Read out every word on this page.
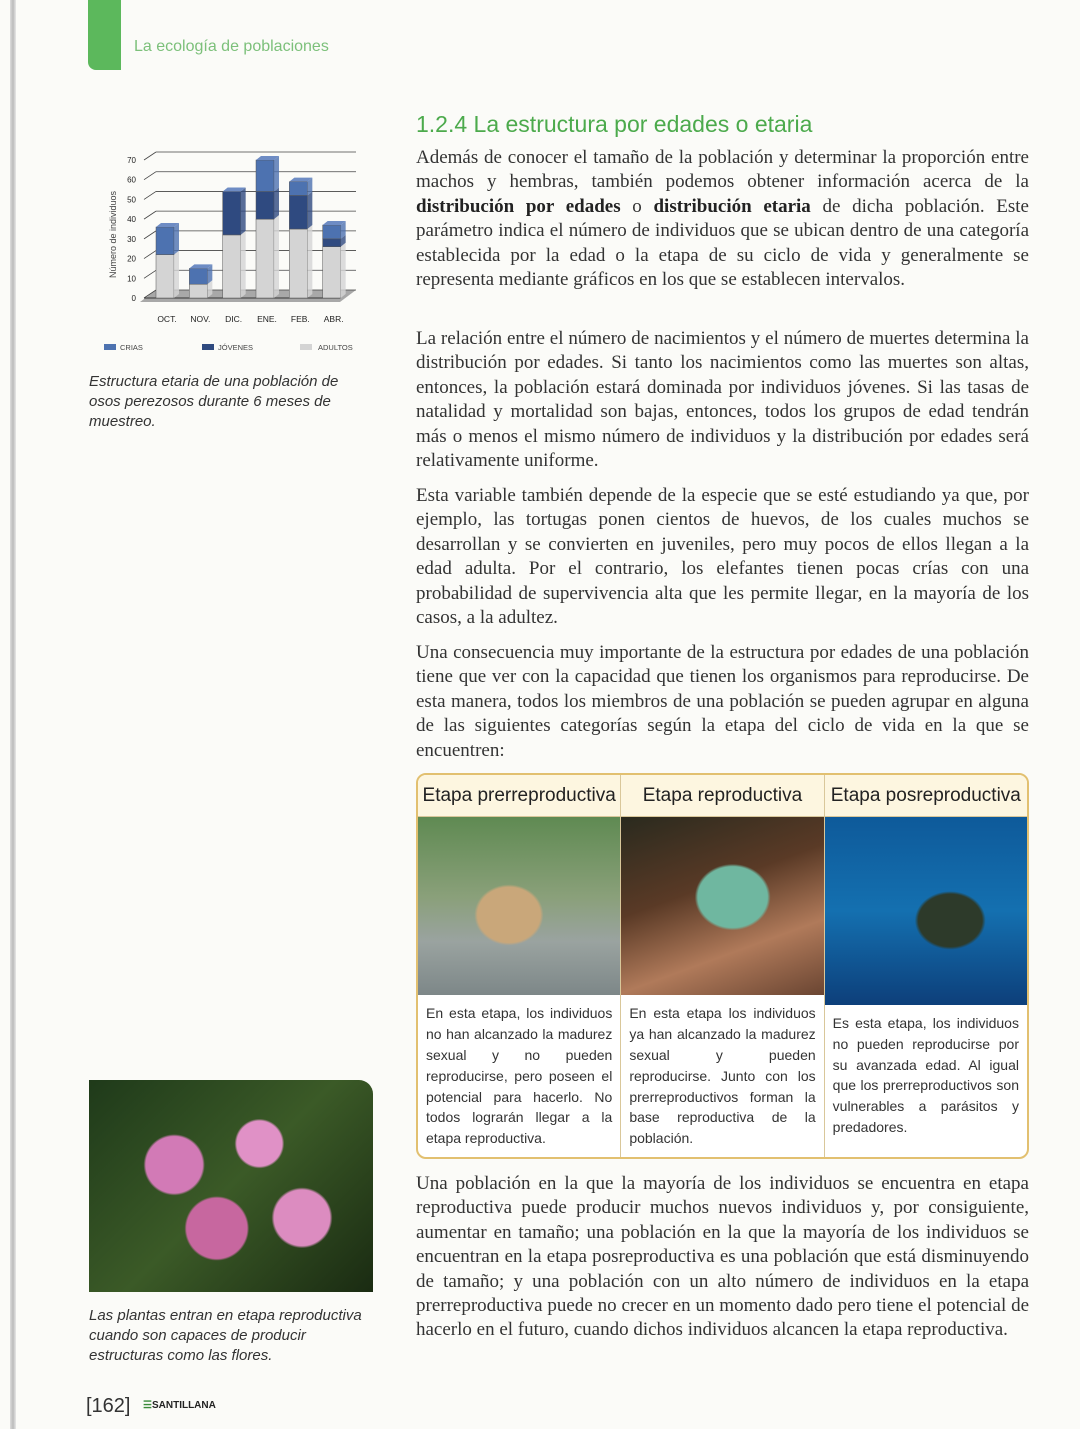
La ecología de poblaciones
0
10
20
30
40
50
60
70
Número de individuos
OCT. NOV. DIC. ENE. FEB. ABR.
CRIAS	JÓVENES	ADULTOS
Estructura etaria de una población de osos perezosos durante 6 meses de muestreo.
1.2.4 La estructura por edades o etaria
Además de conocer el tamaño de la población y determinar la proporción entre machos y hembras, también podemos obtener información acerca de la distribución por edades o distribución etaria de dicha población. Este parámetro indica el número de individuos que se ubican dentro de una categoría establecida por la edad o la etapa de su ciclo de vida y generalmente se representa mediante gráficos en los que se establecen intervalos.
La relación entre el número de nacimientos y el número de muertes determina la distribución por edades. Si tanto los nacimientos como las muertes son altas, entonces, la población estará dominada por individuos jóvenes. Si las tasas de natalidad y mortalidad son bajas, entonces, todos los grupos de edad tendrán más o menos el mismo número de individuos y la distribución por edades será relativamente uniforme.
Esta variable también depende de la especie que se esté estudiando ya que, por ejemplo, las tortugas ponen cientos de huevos, de los cuales muchos se desarrollan y se convierten en juveniles, pero muy pocos de ellos llegan a la edad adulta. Por el contrario, los elefantes tienen pocas crías con una probabilidad de supervivencia alta que les permite llegar, en la mayoría de los casos, a la adultez.
Una consecuencia muy importante de la estructura por edades de una población tiene que ver con la capacidad que tienen los organismos para reproducirse. De esta manera, todos los miembros de una población se pueden agrupar en alguna de las siguientes categorías según la etapa del ciclo de vida en la que se encuentren:
Etapa prerreproductiva
En esta etapa, los individuos no han alcanzado la madurez sexual y no pueden reproducirse, pero poseen el potencial para hacerlo. No todos lograrán llegar a la etapa reproductiva.
Etapa reproductiva
En esta etapa los individuos ya han alcanzado la madurez sexual y pueden reproducirse. Junto con los prerreproductivos forman la base reproductiva de la población.
Etapa posreproductiva
Es esta etapa, los individuos no pueden reproducirse por su avanzada edad. Al igual que los prerreproductivos son vulnerables a parásitos y predadores.
Una población en la que la mayoría de los individuos se encuentra en etapa reproductiva puede producir muchos nuevos individuos y, por consiguiente, aumentar en tamaño; una población en la que la mayoría de los individuos se encuentran en la etapa posreproductiva es una población que está disminuyendo de tamaño; y una población con un alto número de individuos en la etapa prerreproductiva puede no crecer en un momento dado pero tiene el potencial de hacerlo en el futuro, cuando dichos individuos alcancen la etapa reproductiva.
Las plantas entran en etapa reproductiva cuando son capaces de producir estructuras como las flores.
[162] ☰SANTILLANA
